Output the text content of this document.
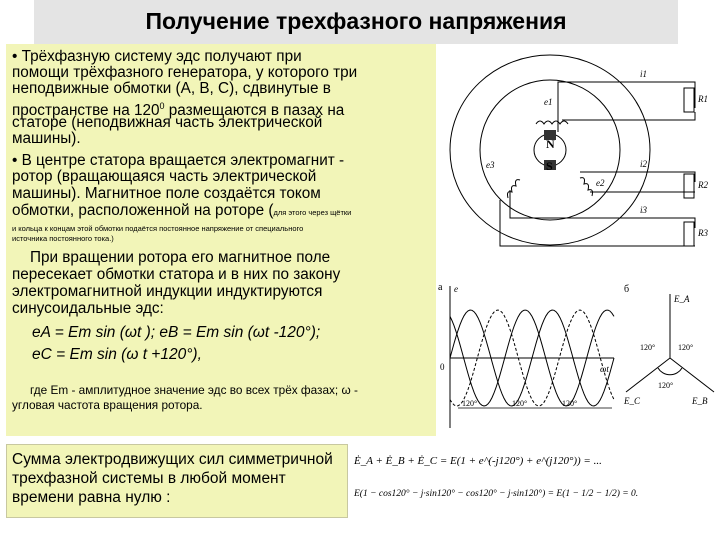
Получение трехфазного напряжения

• Трёхфазную систему эдс получают при

помощи трёхфазного генератора, у которого три

неподвижные обмотки (А, В, С), сдвинутые в

пространстве на $120^0$ размещаются в пазах на

статоре (неподвижная часть электрической

машины).

• В центре статора вращается электромагнит -

ротор (вращающаяся часть электрической

машины). Магнитное поле создаётся током

обмотки, расположенной на роторе (для этого через щётки

и кольца к концам этой обмотки подаётся постоянное напряжение от специального

источника постоянного тока.)

При вращении ротора его магнитное поле

пересекает обмотки статора и в них по закону

электромагнитной индукции индуктируются

синусоидальные эдс:

eA = Em sin (ωt ); eB = Em sin (ωt -120°);
eC = Em sin (ω t +120°),
где Em - амплитудное значение эдс во всех трёх фазах; ω -
угловая частота вращения ротора.
Сумма электродвижущих сил симметричной трехфазной системы в любой момент времени равна нулю :
N
S
e1
e2
e3
i1
i2
i3
R1
R2
R3
а e
0	ωt
120°	120°	120°
б
E_A
E_B
E_C
120°	120°
120°
Ė_A + Ė_B + Ė_C = E(1 + e^(-j120°) + e^(j120°)) = ...
E(1 − cos120° − j·sin120° − cos120° − j·sin120°) = E(1 − 1/2 − 1/2) = 0.
